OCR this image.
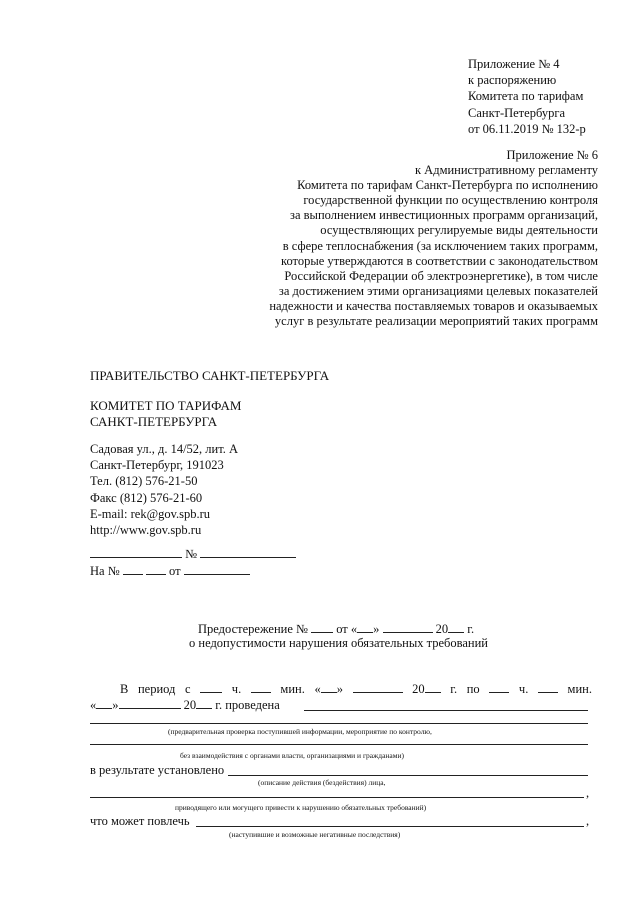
Приложение № 4
к распоряжению
Комитета по тарифам
Санкт-Петербурга
от 06.11.2019 № 132-р
Приложение № 6
к Административному регламенту
Комитета по тарифам Санкт-Петербурга по исполнению
государственной функции по осуществлению контроля
за выполнением инвестиционных программ организаций,
осуществляющих регулируемые виды деятельности
в сфере теплоснабжения (за исключением таких программ,
которые утверждаются в соответствии с законодательством
Российской Федерации об электроэнергетике), в том числе
за достижением этими организациями целевых показателей
надежности и качества поставляемых товаров и оказываемых
услуг в результате реализации мероприятий таких программ
ПРАВИТЕЛЬСТВО САНКТ-ПЕТЕРБУРГА
КОМИТЕТ ПО ТАРИФАМ
САНКТ-ПЕТЕРБУРГА
Садовая ул., д. 14/52, лит. А
Санкт-Петербург, 191023
Тел. (812) 576-21-50
Факс (812) 576-21-60
E-mail: rek@gov.spb.ru
http://www.gov.spb.ru
№
На №	от
Предостережение № от « »	20 г.
о недопустимости нарушения обязательных требований
В период с	ч.	мин. « »	20	г. по	ч.	мин.
« »	20 г. проведена
(предварительная проверка поступившей информации, мероприятие по контролю,
без взаимодействия с органами власти, организациями и гражданами)
в результате установлено
(описание действия (бездействия) лица,
,
приводящего или могущего привести к нарушению обязательных требований)
что может повлечь	,
(наступившие и возможные негативные последствия)
